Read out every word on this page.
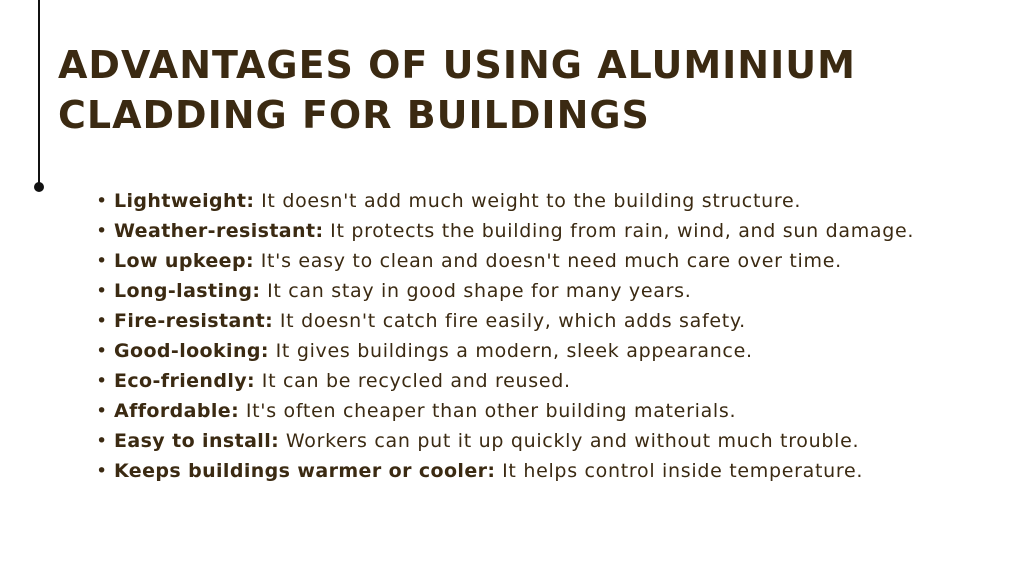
ADVANTAGES OF USING ALUMINIUM
CLADDING FOR BUILDINGS
• Lightweight: It doesn't add much weight to the building structure.
• Weather-resistant: It protects the building from rain, wind, and sun damage.
• Low upkeep: It's easy to clean and doesn't need much care over time.
• Long-lasting: It can stay in good shape for many years.
• Fire-resistant: It doesn't catch fire easily, which adds safety.
• Good-looking: It gives buildings a modern, sleek appearance.
• Eco-friendly: It can be recycled and reused.
• Affordable: It's often cheaper than other building materials.
• Easy to install: Workers can put it up quickly and without much trouble.
• Keeps buildings warmer or cooler: It helps control inside temperature.
